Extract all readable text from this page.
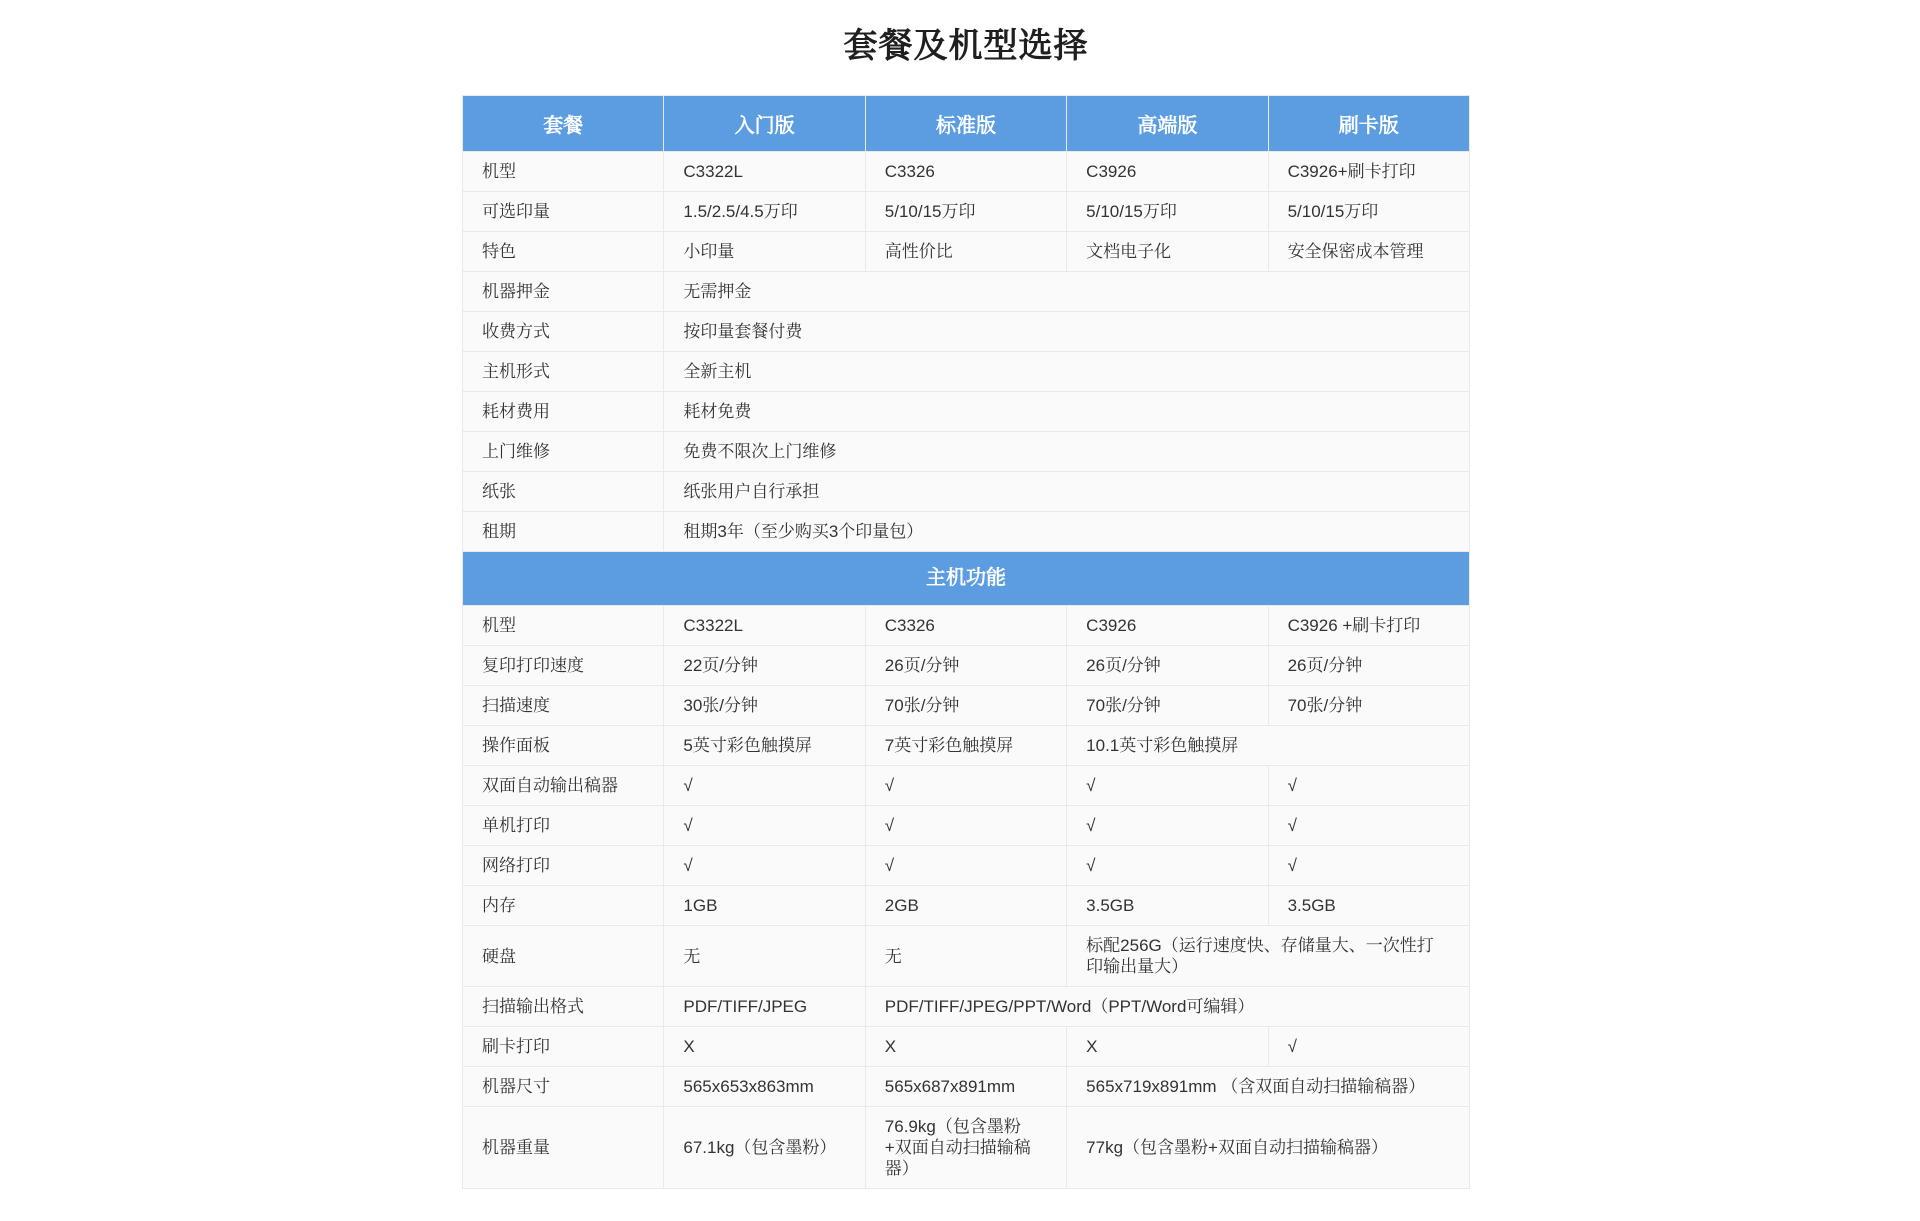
套餐及机型选择
套餐	入门版	标准版	高端版	刷卡版
机型	C3322L	C3326	C3926	C3926+刷卡打印
可选印量	1.5/2.5/4.5万印	5/10/15万印	5/10/15万印	5/10/15万印
特色	小印量	高性价比	文档电子化	安全保密成本管理
机器押金	无需押金			
收费方式	按印量套餐付费			
主机形式	全新主机			
耗材费用	耗材免费			
上门维修	免费不限次上门维修			
纸张	纸张用户自行承担			
租期	租期3年（至少购买3个印量包）			
主机功能				
机型	C3322L	C3326	C3926	C3926 +刷卡打印
复印打印速度	22页/分钟	26页/分钟	26页/分钟	26页/分钟
扫描速度	30张/分钟	70张/分钟	70张/分钟	70张/分钟
操作面板	5英寸彩色触摸屏	7英寸彩色触摸屏	10.1英寸彩色触摸屏	
双面自动输出稿器	√	√	√	√
单机打印	√	√	√	√
网络打印	√	√	√	√
内存	1GB	2GB	3.5GB	3.5GB
硬盘	无	无	标配256G（运行速度快、存储量大、一次性打印输出量大）	
扫描输出格式	PDF/TIFF/JPEG	PDF/TIFF/JPEG/PPT/Word（PPT/Word可编辑）		
刷卡打印	X	X	X	√
机器尺寸	565x653x863mm	565x687x891mm	565x719x891mm （含双面自动扫描输稿器）	
机器重量	67.1kg（包含墨粉）	76.9kg（包含墨粉+双面自动扫描输稿器）	77kg（包含墨粉+双面自动扫描输稿器）	
